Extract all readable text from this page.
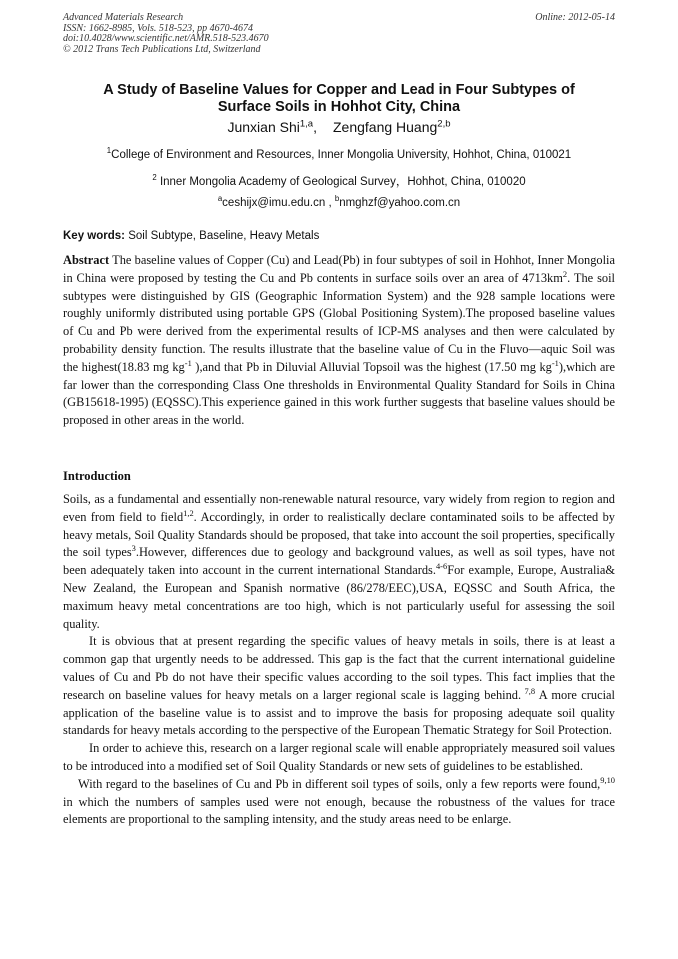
Advanced Materials Research	Online: 2012-05-14
ISSN: 1662-8985, Vols. 518-523, pp 4670-4674
doi:10.4028/www.scientific.net/AMR.518-523.4670
© 2012 Trans Tech Publications Ltd, Switzerland
A Study of Baseline Values for Copper and Lead in Four Subtypes of
Surface Soils in Hohhot City, China
Junxian Shi$^{1,a}$, Zengfang Huang$^{2,b}$
$^1$College of Environment and Resources, Inner Mongolia University, Hohhot, China, 010021
$^2$ Inner Mongolia Academy of Geological Survey，Hohhot, China, 010020
$^a$ceshijx@imu.edu.cn , $^b$nmghzf@yahoo.com.cn
Key words: Soil Subtype, Baseline, Heavy Metals

Abstract The baseline values of Copper (Cu) and Lead(Pb) in four subtypes of soil in Hohhot, Inner Mongolia in China were proposed by testing the Cu and Pb contents in surface soils over an area of $4713km^2$. The soil subtypes were distinguished by GIS (Geographic Information System) and the 928 sample locations were roughly uniformly distributed using portable GPS (Global Positioning System).The proposed baseline values of Cu and Pb were derived from the experimental results of ICP-MS analyses and then were calculated by probability density function. The results illustrate that the baseline value of Cu in the Fluvo—aquic Soil was the highest(18.83 mg $kg^{-1}$ ),and that Pb in Diluvial Alluvial Topsoil was the highest (17.50 mg $kg^{-1}),which$ are far lower than the corresponding Class One thresholds in Environmental Quality Standard for Soils in China (GB15618-1995) (EQSSC).This experience gained in this work further suggests that baseline values should be proposed in other areas in the world.

Introduction

Soils, as a fundamental and essentially non-renewable natural resource, vary widely from region to region and even from field to field$^{1,2}$. Accordingly, in order to realistically declare contaminated soils to be affected by heavy metals, Soil Quality Standards should be proposed, that take into account the soil properties, specifically the soil types$^3$.However, differences due to geology and background values, as well as soil types, have not been adequately taken into account in the current international Standards.$^{4-6}$For example, Europe, Australia& New Zealand, the European and Spanish normative (86/278/EEC),USA, EQSSC and South Africa, the maximum heavy metal concentrations are too high, which is not particularly useful for assessing the soil quality.

It is obvious that at present regarding the specific values of heavy metals in soils, there is at least a common gap that urgently needs to be addressed. This gap is the fact that the current international guideline values of Cu and Pb do not have their specific values according to the soil types. This fact implies that the research on baseline values for heavy metals on a larger regional scale is lagging behind. $^{7,8}$ A more crucial application of the baseline value is to assist and to improve the basis for proposing adequate soil quality standards for heavy metals according to the perspective of the European Thematic Strategy for Soil Protection.

In order to achieve this, research on a larger regional scale will enable appropriately measured soil values to be introduced into a modified set of Soil Quality Standards or new sets of guidelines to be established.

With regard to the baselines of Cu and Pb in different soil types of soils, only a few reports were found,$^{9,10}$ in which the numbers of samples used were not enough, because the robustness of the values for trace elements are proportional to the sampling intensity, and the study areas need to be enlarge.
